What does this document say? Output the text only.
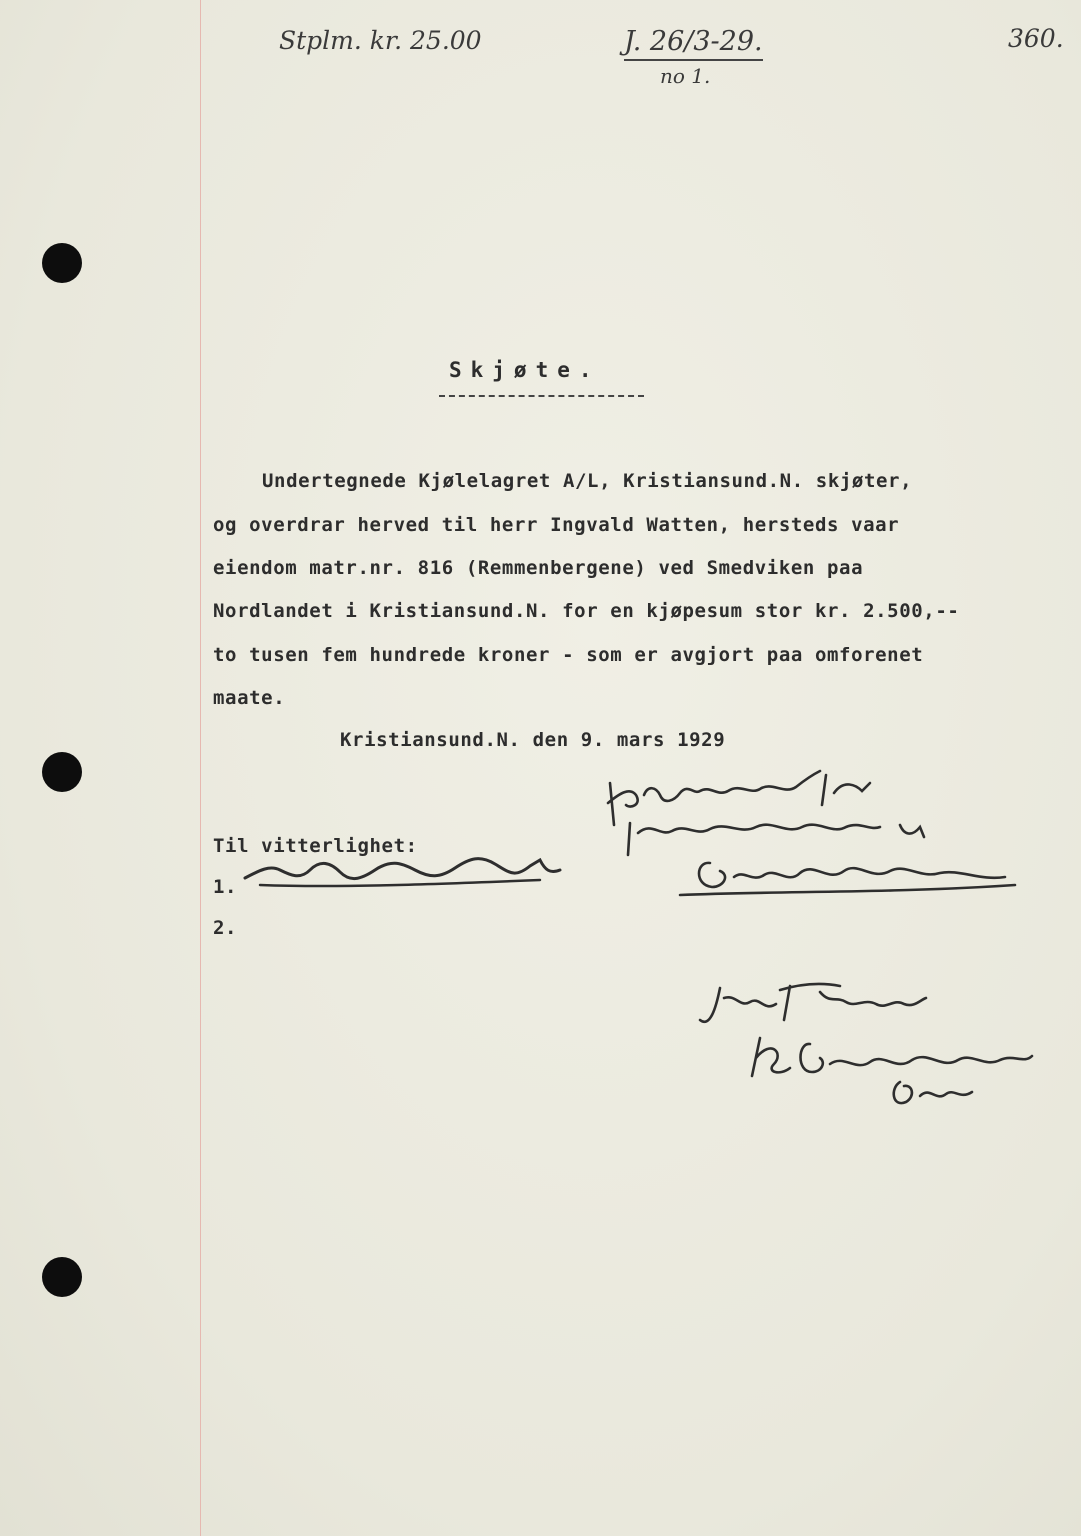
Stplm. kr. 25.00	J. 26/3-29.
no 1.
360.
Skjøte.
Undertegnede Kjølelagret A/L, Kristiansund.N. skjøter,
og overdrar herved til herr Ingvald Watten, hersteds vaar
eiendom matr.nr. 816 (Remmenbergene) ved Smedviken paa
Nordlandet i Kristiansund.N. for en kjøpesum stor kr. 2.500,--
to tusen fem hundrede kroner - som er avgjort paa omforenet
maate.
Kristiansund.N. den 9. mars 1929
Til vitterlighet:
1.
2.
